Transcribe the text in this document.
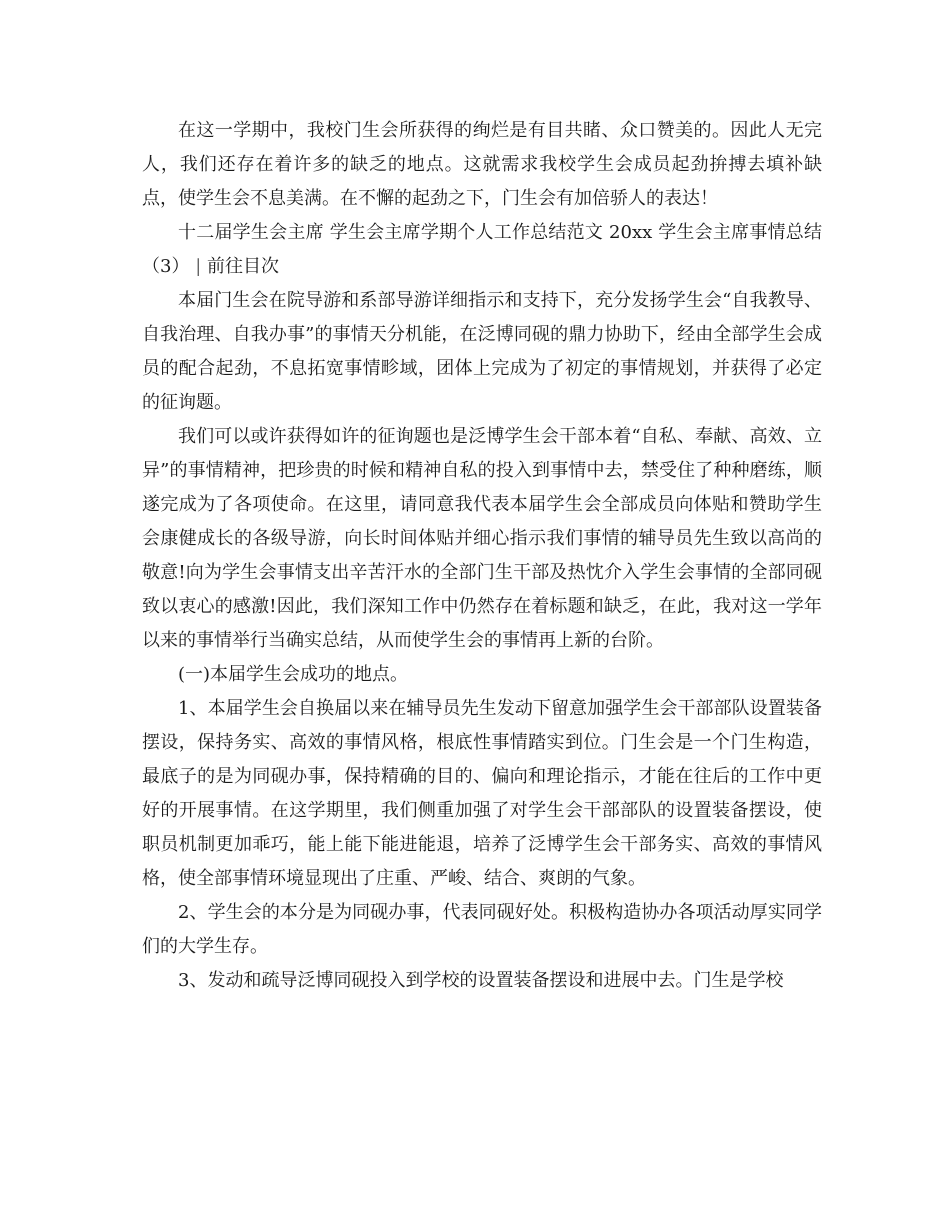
在这一学期中，我校门生会所获得的绚烂是有目共睹、众口赞美的。因此人无完人，我们还存在着许多的缺乏的地点。这就需求我校学生会成员起劲拚搏去填补缺点，使学生会不息美满。在不懈的起劲之下，门生会有加倍骄人的表达！

十二届学生会主席 学生会主席学期个人工作总结范文 20xx 学生会主席事情总结（3） | 前往目次

本届门生会在院导游和系部导游详细指示和支持下，充分发扬学生会“自我教导、自我治理、自我办事”的事情天分机能，在泛博同砚的鼎力协助下，经由全部学生会成员的配合起劲，不息拓宽事情畛域，团体上完成为了初定的事情规划，并获得了必定的征询题。

我们可以或许获得如许的征询题也是泛博学生会干部本着“自私、奉献、高效、立异”的事情精神，把珍贵的时候和精神自私的投入到事情中去，禁受住了种种磨练，顺遂完成为了各项使命。在这里，请同意我代表本届学生会全部成员向体贴和赞助学生会康健成长的各级导游，向长时间体贴并细心指示我们事情的辅导员先生致以高尚的敬意!向为学生会事情支出辛苦汗水的全部门生干部及热忱介入学生会事情的全部同砚致以衷心的感激!因此，我们深知工作中仍然存在着标题和缺乏，在此，我对这一学年以来的事情举行当确实总结，从而使学生会的事情再上新的台阶。

(一)本届学生会成功的地点。

1、本届学生会自换届以来在辅导员先生发动下留意加强学生会干部部队设置装备摆设，保持务实、高效的事情风格，根底性事情踏实到位。门生会是一个门生构造，最底子的是为同砚办事，保持精确的目的、偏向和理论指示，才能在往后的工作中更好的开展事情。在这学期里，我们侧重加强了对学生会干部部队的设置装备摆设，使职员机制更加乖巧，能上能下能进能退，培养了泛博学生会干部务实、高效的事情风格，使全部事情环境显现出了庄重、严峻、结合、爽朗的气象。

2、学生会的本分是为同砚办事，代表同砚好处。积极构造协办各项活动厚实同学们的大学生存。

3、发动和疏导泛博同砚投入到学校的设置装备摆设和进展中去。门生是学校
